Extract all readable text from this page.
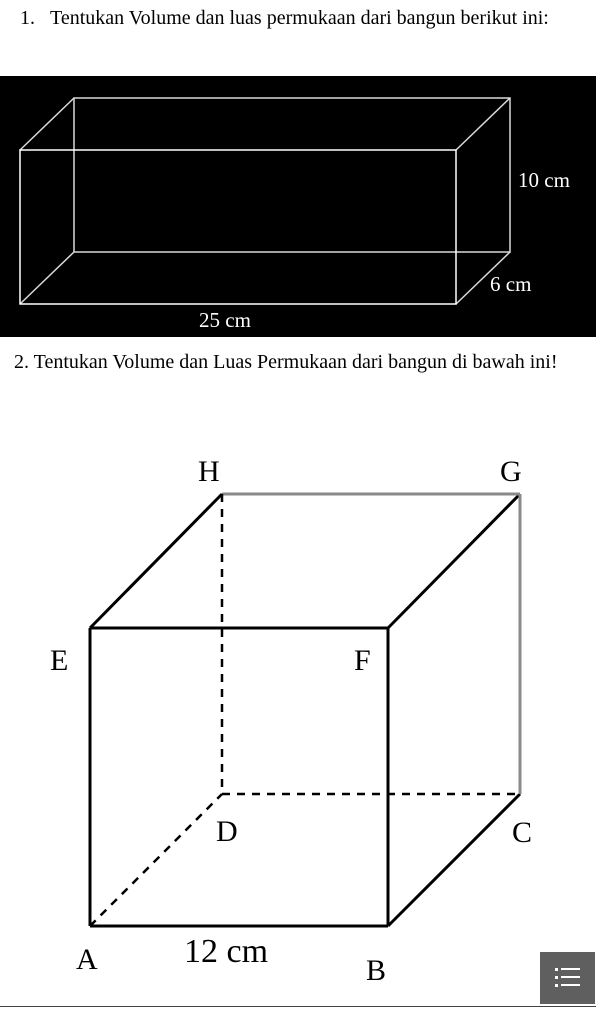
1. Tentukan Volume dan luas permukaan dari bangun berikut ini:
10 cm
6 cm
25 cm
2. Tentukan Volume dan Luas Permukaan dari bangun di bawah ini!
H	G
E	F
D	C
A	B
12 cm
